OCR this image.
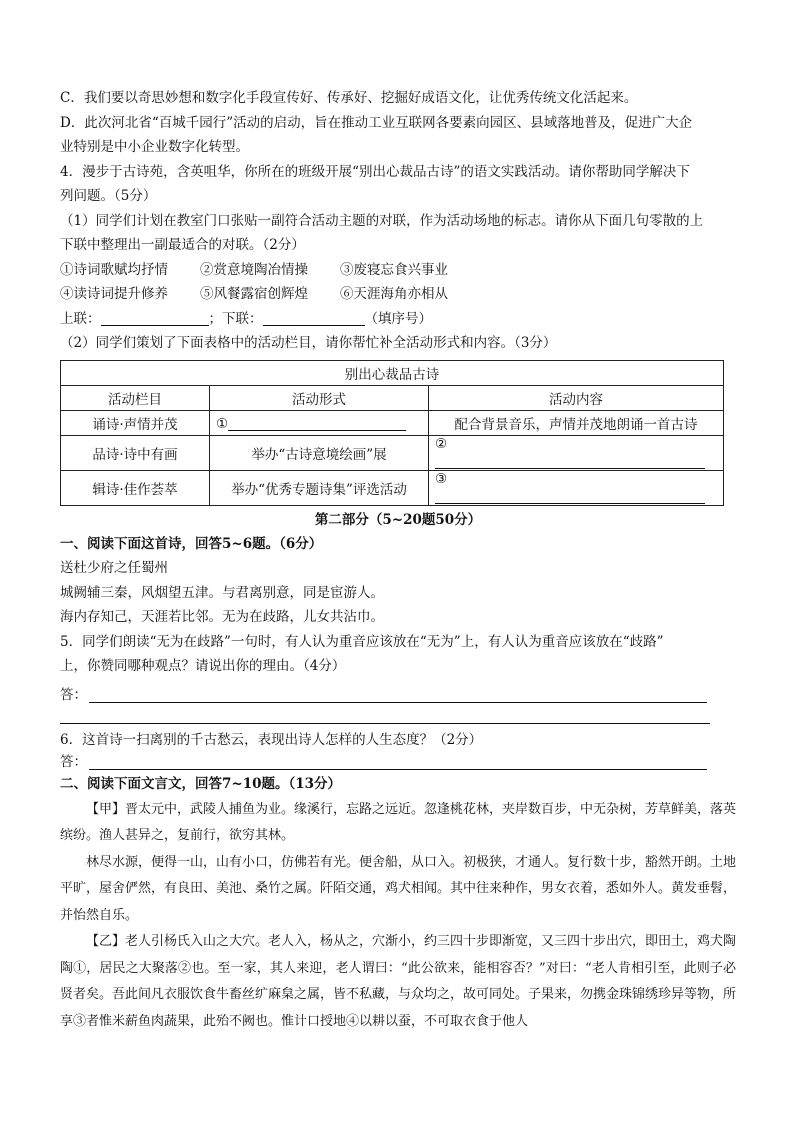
C．我们要以奇思妙想和数字化手段宣传好、传承好、挖掘好成语文化，让优秀传统文化活起来。
D．此次河北省“百城千园行”活动的启动，旨在推动工业互联网各要素向园区、县域落地普及，促进广大企
业特别是中小企业数字化转型。
4．漫步于古诗苑，含英咀华，你所在的班级开展“别出心裁品古诗”的语文实践活动。请你帮助同学解决下
列问题。（5分）
（1）同学们计划在教室门口张贴一副符合活动主题的对联，作为活动场地的标志。请你从下面几句零散的上
下联中整理出一副最适合的对联。（2分）
①诗词歌赋均抒情	②赏意境陶冶情操	③废寝忘食兴事业
④读诗词提升修养	⑤风餐露宿创辉煌	⑥天涯海角亦相从
上联：	；下联：	（填序号）
（2）同学们策划了下面表格中的活动栏目，请你帮忙补全活动形式和内容。（3分）
别出心裁品古诗		
活动栏目	活动形式	活动内容
诵诗·声情并茂	①	配合背景音乐，声情并茂地朗诵一首古诗
品诗·诗中有画	举办“古诗意境绘画”展	②
辑诗·佳作荟萃	举办“优秀专题诗集”评选活动	③
第二部分（5~20题50分）
一、阅读下面这首诗，回答5~6题。（6分）
送杜少府之任蜀州
城阙辅三秦，风烟望五津。与君离别意，同是宦游人。
海内存知己，天涯若比邻。无为在歧路，儿女共沾巾。
5．同学们朗读“无为在歧路”一句时，有人认为重音应该放在“无为”上，有人认为重音应该放在“歧路”
上，你赞同哪种观点？请说出你的理由。（4分）
答：
6．这首诗一扫离别的千古愁云，表现出诗人怎样的人生态度？（2分）
答：
二、阅读下面文言文，回答7~10题。（13分）
【甲】晋太元中，武陵人捕鱼为业。缘溪行，忘路之远近。忽逢桃花林，夹岸数百步，中无杂树，芳草鲜美，落英缤纷。渔人甚异之，复前行，欲穷其林。
林尽水源，便得一山，山有小口，仿佛若有光。便舍船，从口入。初极狭，才通人。复行数十步，豁然开朗。土地平旷，屋舍俨然，有良田、美池、桑竹之属。阡陌交通，鸡犬相闻。其中往来种作，男女衣着，悉如外人。黄发垂髫，并怡然自乐。
【乙】老人引杨氏入山之大穴。老人入，杨从之，穴渐小，约三四十步即渐宽，又三四十步出穴，即田土，鸡犬陶陶①，居民之大聚落②也。至一家，其人来迎，老人谓曰：“此公欲来，能相容否？”对曰：“老人肯相引至，此则子必贤者矣。吾此间凡衣服饮食牛畜丝纩麻枲之属，皆不私藏，与众均之，故可同处。子果来，勿携金珠锦绣珍异等物，所享③者惟米薪鱼肉蔬果，此殆不阙也。惟计口授地④以耕以蚕，不可取衣食于他人
